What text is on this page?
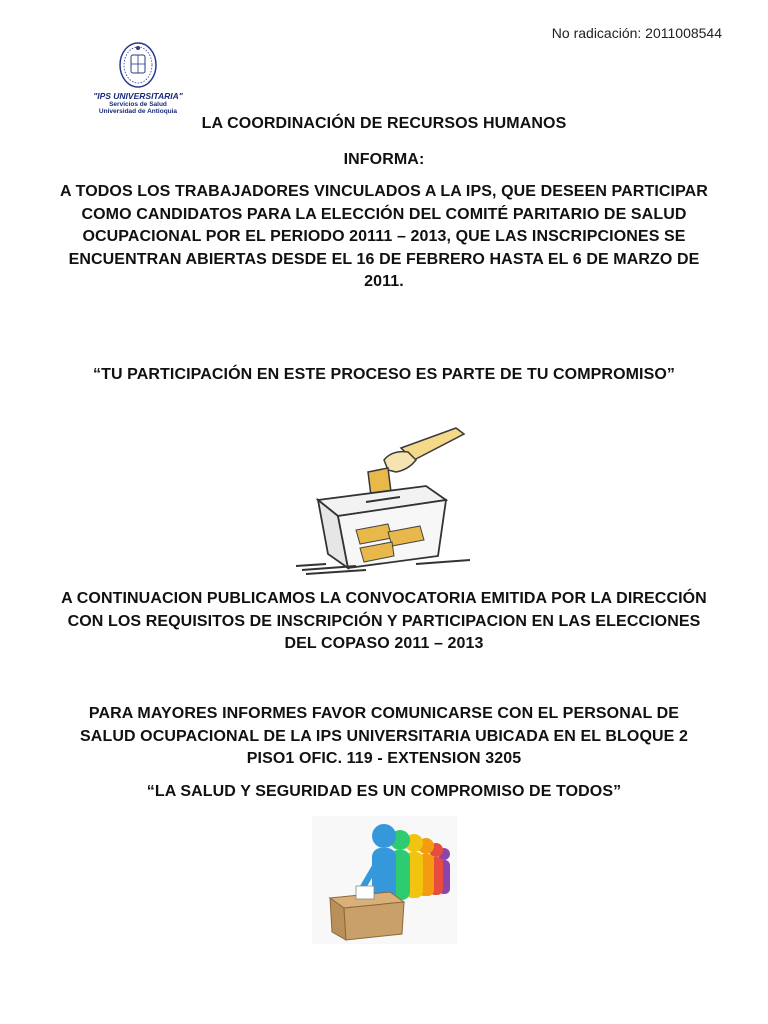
No radicación: 2011008544
"IPS UNIVERSITARIA"
Servicios de Salud
Universidad de Antioquia
LA COORDINACIÓN DE RECURSOS HUMANOS
INFORMA:
A TODOS LOS TRABAJADORES VINCULADOS A LA IPS, QUE DESEEN PARTICIPAR COMO CANDIDATOS PARA LA ELECCIÓN DEL COMITÉ PARITARIO DE SALUD OCUPACIONAL POR EL PERIODO 20111 – 2013, QUE LAS INSCRIPCIONES SE ENCUENTRAN ABIERTAS DESDE EL 16 DE FEBRERO HASTA EL 6 DE MARZO DE 2011.
“TU PARTICIPACIÓN EN ESTE PROCESO ES PARTE DE TU COMPROMISO”
A CONTINUACION PUBLICAMOS LA CONVOCATORIA EMITIDA POR LA DIRECCIÓN CON LOS REQUISITOS DE INSCRIPCIÓN Y PARTICIPACION EN LAS ELECCIONES DEL COPASO 2011 – 2013
PARA MAYORES INFORMES FAVOR COMUNICARSE CON EL PERSONAL DE SALUD OCUPACIONAL DE LA IPS UNIVERSITARIA UBICADA EN EL BLOQUE 2 PISO1 OFIC. 119 - EXTENSION 3205
“LA SALUD Y SEGURIDAD ES UN COMPROMISO DE TODOS”
